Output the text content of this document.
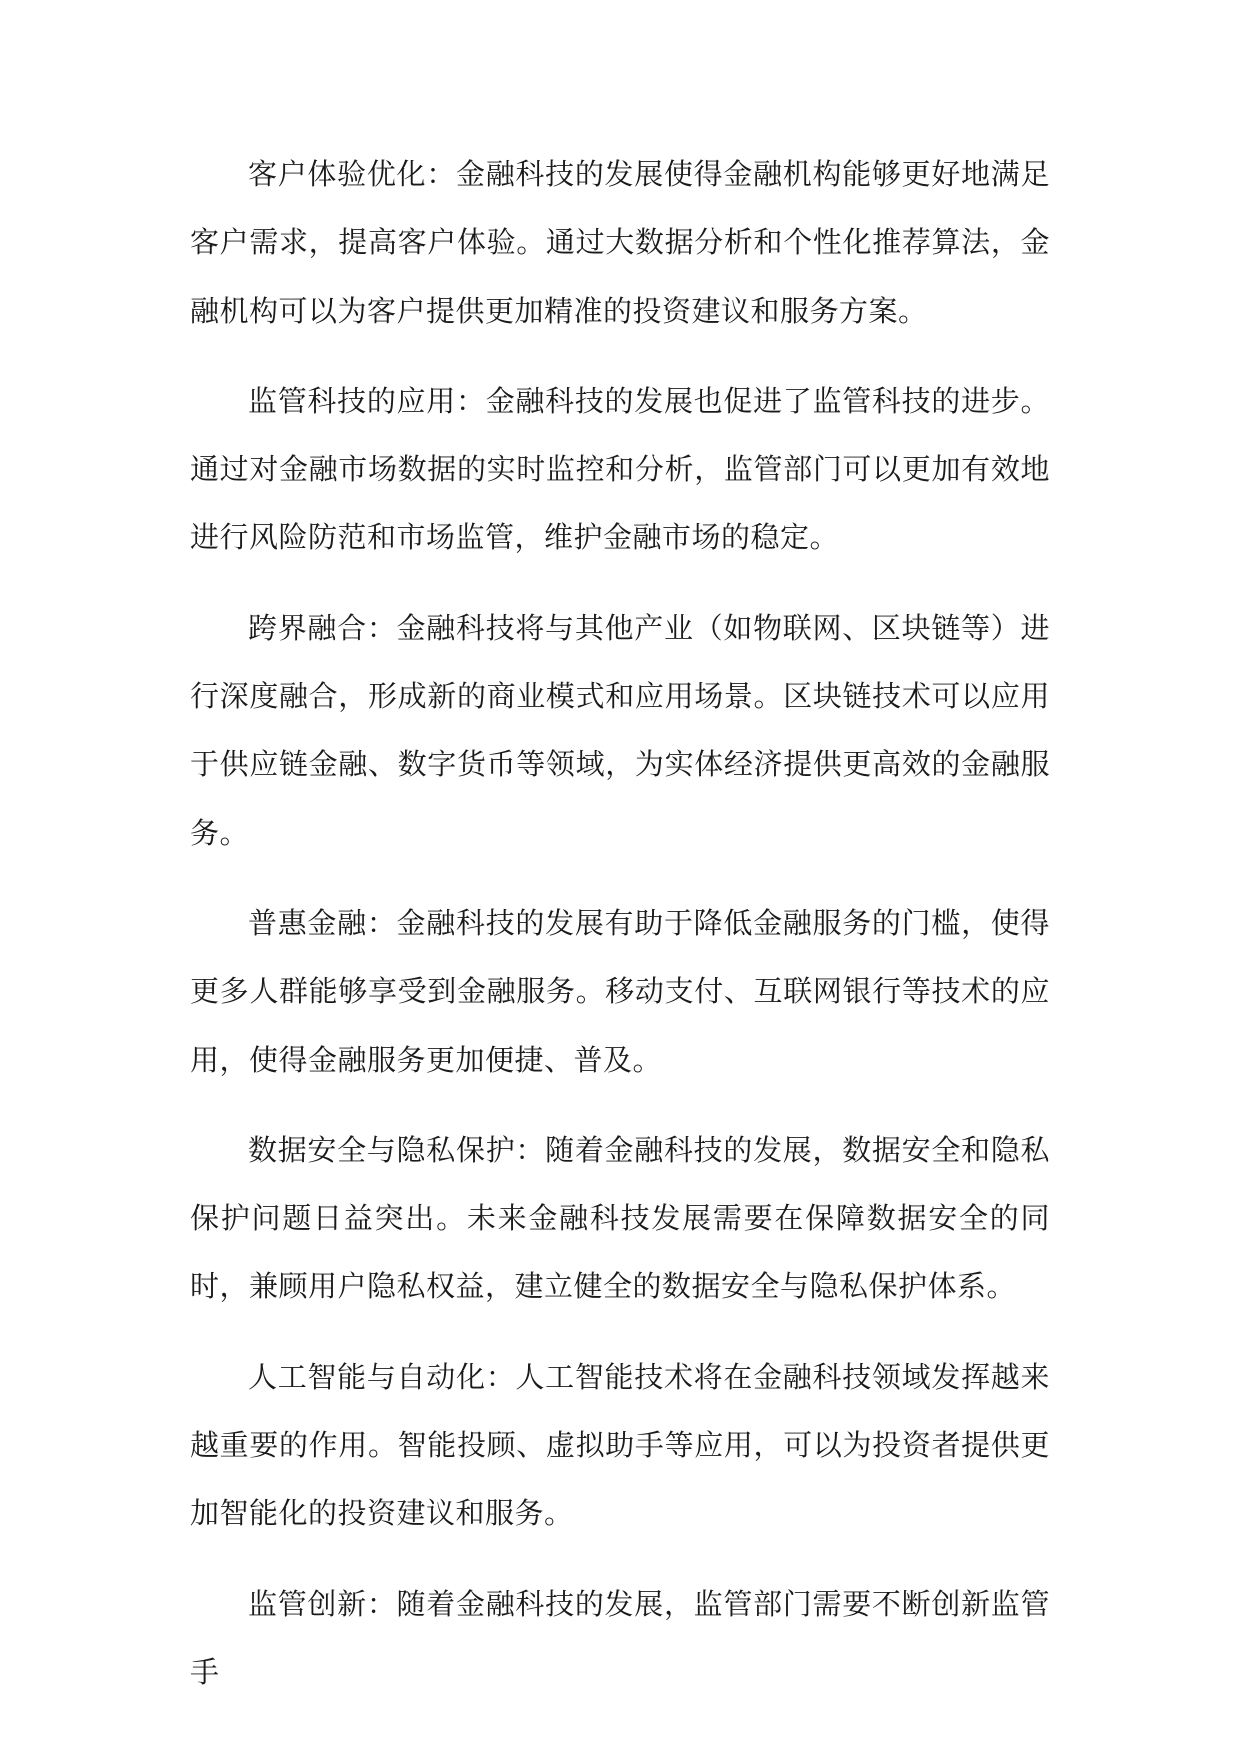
客户体验优化：金融科技的发展使得金融机构能够更好地满足客户需求，提高客户体验。通过大数据分析和个性化推荐算法，金融机构可以为客户提供更加精准的投资建议和服务方案。

监管科技的应用：金融科技的发展也促进了监管科技的进步。通过对金融市场数据的实时监控和分析，监管部门可以更加有效地进行风险防范和市场监管，维护金融市场的稳定。

跨界融合：金融科技将与其他产业（如物联网、区块链等）进行深度融合，形成新的商业模式和应用场景。区块链技术可以应用于供应链金融、数字货币等领域，为实体经济提供更高效的金融服务。

普惠金融：金融科技的发展有助于降低金融服务的门槛，使得更多人群能够享受到金融服务。移动支付、互联网银行等技术的应用，使得金融服务更加便捷、普及。

数据安全与隐私保护：随着金融科技的发展，数据安全和隐私保护问题日益突出。未来金融科技发展需要在保障数据安全的同时，兼顾用户隐私权益，建立健全的数据安全与隐私保护体系。

人工智能与自动化：人工智能技术将在金融科技领域发挥越来越重要的作用。智能投顾、虚拟助手等应用，可以为投资者提供更加智能化的投资建议和服务。

监管创新：随着金融科技的发展，监管部门需要不断创新监管手
